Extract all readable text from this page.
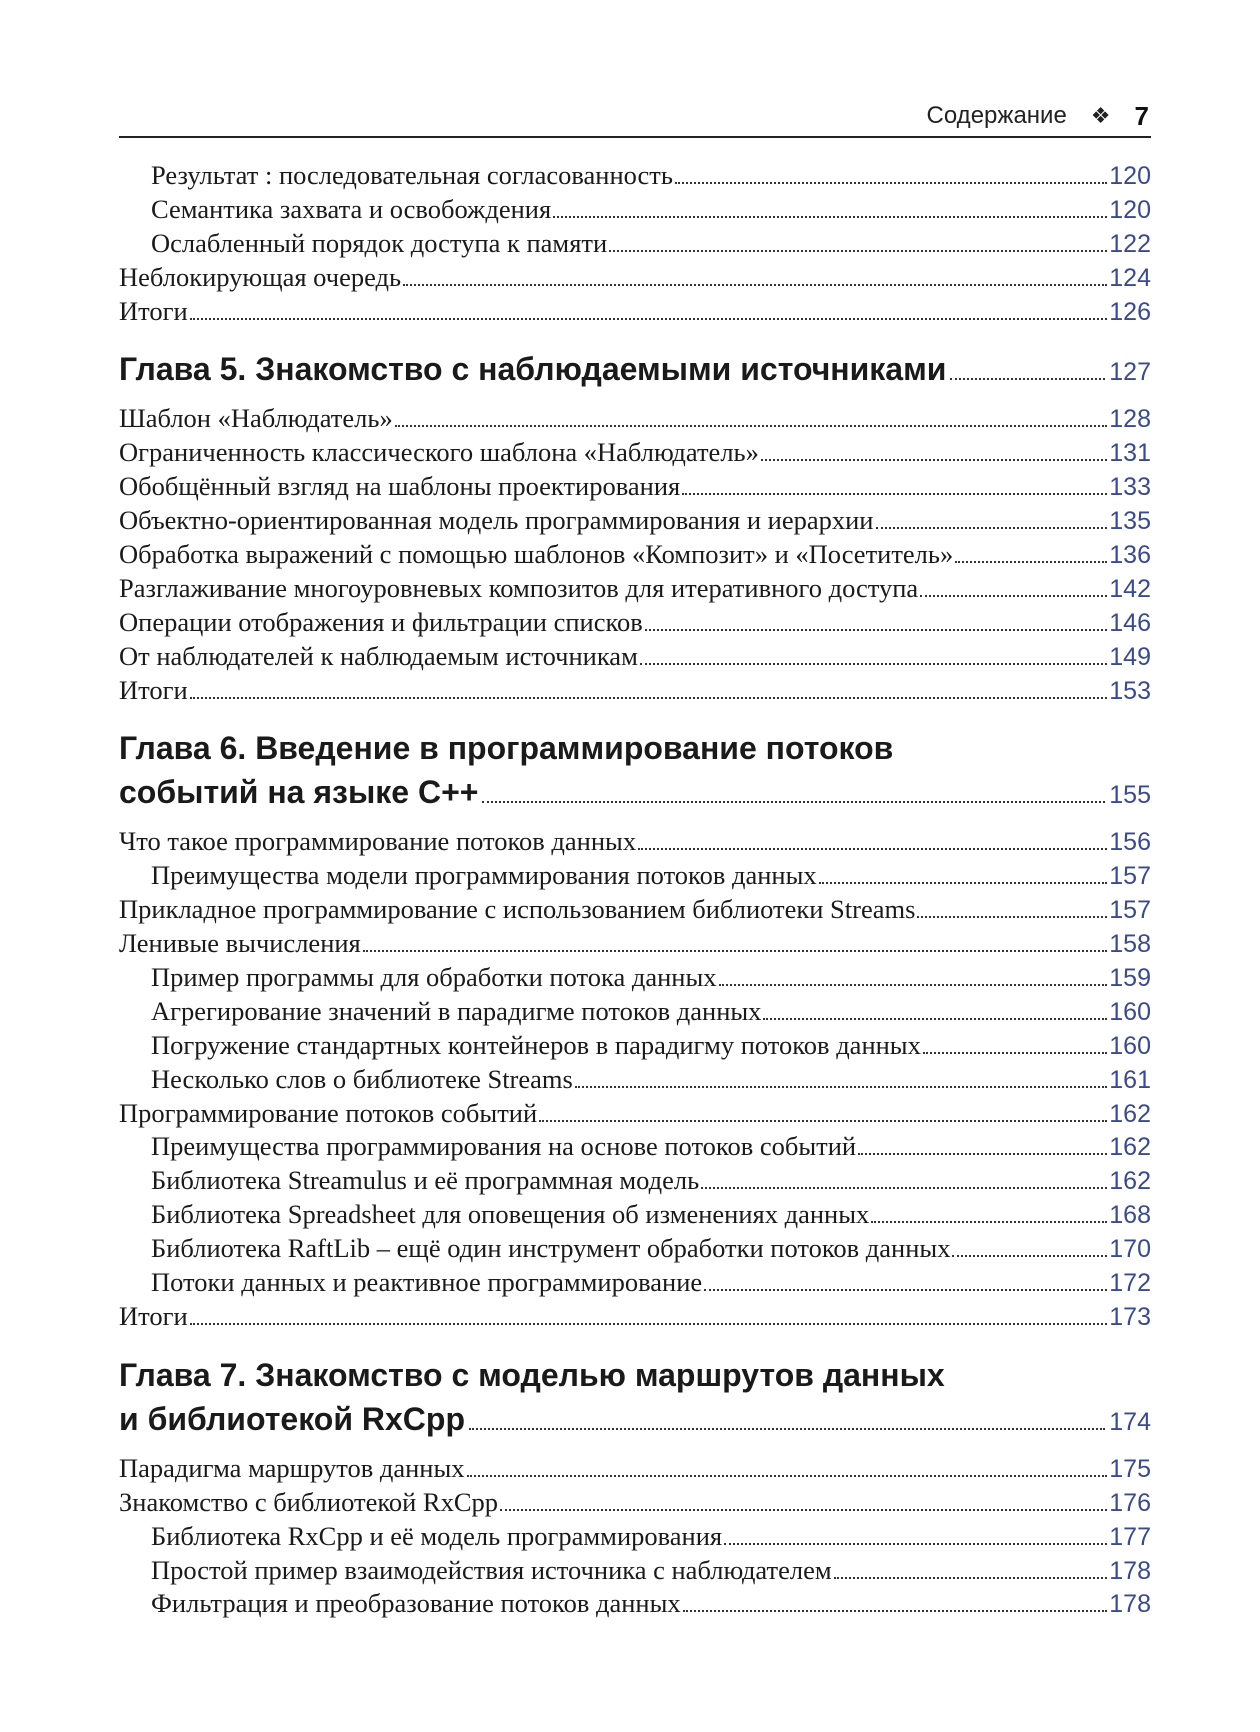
Содержание ❖ 7
Результат : последовательная согласованность	120
Семантика захвата и освобождения	120
Ослабленный порядок доступа к памяти	122
Неблокирующая очередь	124
Итоги	126
Глава 5. Знакомство с наблюдаемыми источниками	127
Шаблон «Наблюдатель»	128
Ограниченность классического шаблона «Наблюдатель»	131
Обобщённый взгляд на шаблоны проектирования	133
Объектно-ориентированная модель программирования и иерархии	135
Обработка выражений с помощью шаблонов «Композит» и «Посетитель»	136
Разглаживание многоуровневых композитов для итеративного доступа	142
Операции отображения и фильтрации списков	146
От наблюдателей к наблюдаемым источникам	149
Итоги	153
Глава 6. Введение в программирование потоков
событий на языке C++	155
Что такое программирование потоков данных	156
Преимущества модели программирования потоков данных	157
Прикладное программирование с использованием библиотеки Streams	157
Ленивые вычисления	158
Пример программы для обработки потока данных	159
Агрегирование значений в парадигме потоков данных	160
Погружение стандартных контейнеров в парадигму потоков данных	160
Несколько слов о библиотеке Streams	161
Программирование потоков событий	162
Преимущества программирования на основе потоков событий	162
Библиотека Streamulus и её программная модель	162
Библиотека Spreadsheet для оповещения об изменениях данных	168
Библиотека RaftLib – ещё один инструмент обработки потоков данных	170
Потоки данных и реактивное программирование	172
Итоги	173
Глава 7. Знакомство с моделью маршрутов данных
и библиотекой RxCpp	174
Парадигма маршрутов данных	175
Знакомство с библиотекой RxCpp	176
Библиотека RxCpp и её модель программирования	177
Простой пример взаимодействия источника с наблюдателем	178
Фильтрация и преобразование потоков данных	178
